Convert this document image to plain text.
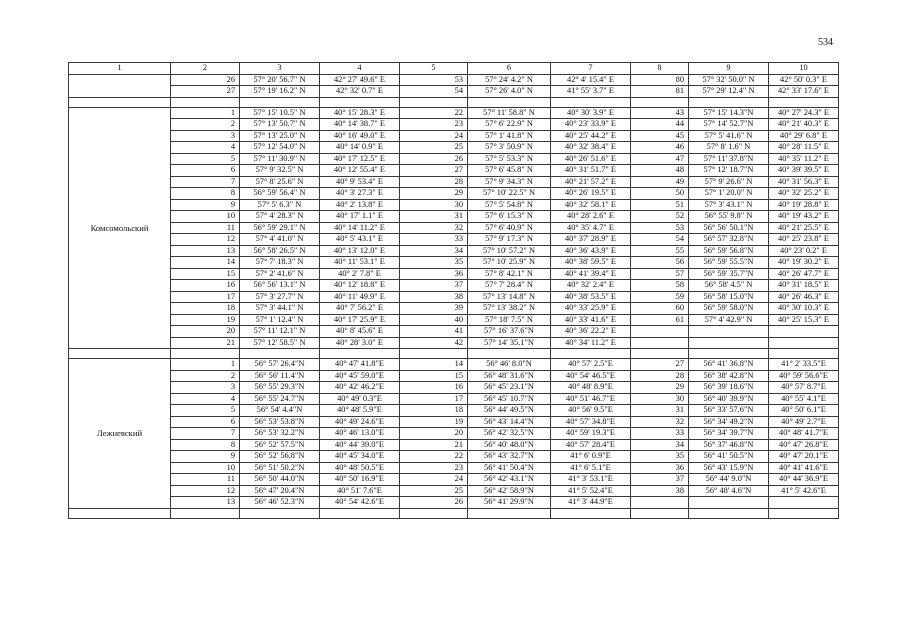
534
1	2	3	4	5	6	7	8	9	10
	26	57° 20' 56.7" N	42° 27' 49.6" E	53	57° 24' 4.2" N	42° 4' 15.4" E	80	57° 32' 50.0" N	42° 50' 0.3" E
	27	57° 19' 16.2" N	42° 32' 0.7" E	54	57° 26' 4.0" N	41° 55' 3.7" E	81	57° 29' 12.4" N	42° 33' 17.6" E

Комсомольский	1	57° 15' 10.5" N	40° 15' 28.3" E	22	57° 11' 58.8" N	40° 30' 3.9" E	43	57° 15' 14.3"N	40° 27' 24.3" E
	2	57° 13' 50.7" N	40° 14' 38.7" E	23	57° 6' 22.9" N	40° 23' 33.9" E	44	57° 14' 52.7"N	40° 21' 40.3" E
	3	57° 13' 25.0" N	40° 16' 49.0" E	24	57° 1' 41.8" N	40° 25' 44.2" E	45	57° 5' 41.6" N	40° 29' 6.8" E
	4	57° 12' 54.0" N	40° 14' 0.9" E	25	57° 3' 50.9" N	40° 32' 38.4" E	46	57° 8' 1.6" N	40° 28' 11.5" E
	5	57° 11' 30.9" N	40° 17' 12.5" E	26	57° 5' 53.3" N	40° 26' 51.6" E	47	57° 11' 37.8"N	40° 35' 11.2" E
	6	57° 9' 32.5" N	40° 12' 55.4" E	27	57° 6' 45.8" N	40° 31' 51.7" E	48	57° 12' 18.7"N	40° 39' 39.5" E
	7	57° 8' 25.6" N	40° 9' 53.4" E	28	57° 9' 34.3" N	40° 21' 57.2" E	49	57° 9' 26.6" N	40° 31' 56.3" E
	8	56° 59' 56.4" N	40° 3' 27.3" E	29	57° 10' 22.5" N	40° 26' 19.5" E	50	57° 1' 20.0" N	40° 32' 25.2" E
	9	57° 5' 6.3" N	40° 2' 13.8" E	30	57° 5' 54.8" N	40° 32' 58.1" E	51	57° 3' 43.1" N	40° 19' 28.8" E
	10	57° 4' 28.3" N	40° 17' 1.1" E	31	57° 6' 15.3" N	40° 28' 2.6" E	52	56° 55' 9.8" N	40° 19' 43.2" E
	11	56° 59' 29.1" N	40° 14' 11.2" E	32	57° 6' 40.9" N	40° 35' 4.7" E	53	56° 56' 50.1"N	40° 21' 25.5" E
	12	57° 4' 41.0" N	40° 5' 43.1" E	33	57° 9' 17.3" N	40° 37' 28.9" E	54	56° 57' 32.8"N	40° 25' 23.8" E
	13	56° 58' 26.5" N	40° 13' 12.0" E	34	57° 10' 57.2" N	40° 36' 43.9" E	55	56° 59' 56.8"N	40° 23' 0.2" E
	14	57° 7' 18.3" N	40° 11' 53.1" E	35	57° 10' 25.9" N	40° 38' 59.5" E	56	56° 59' 55.5"N	40° 19' 30.2" E
	15	57° 2' 41.6" N	40° 2' 7.8" E	36	57° 8' 42.1" N	40° 41' 39.4" E	57	56° 59' 35.7"N	40° 26' 47.7" E
	16	56° 56' 13.1" N	40° 12' 18.8" E	37	57° 7' 28.4" N	40° 32' 2.4" E	58	56° 58' 4.5" N	40° 31' 18.5" E
	17	57° 3' 27.7" N	40° 11' 49.9" E	38	57° 13' 14.8" N	40° 38' 53.5" E	59	56° 58' 15.0"N	40° 26' 46.3" E
	18	57° 3' 44.1" N	40° 7' 56.2" E	39	57° 13' 38.2" N	40° 33' 25.9" E	60	56° 59' 58.0"N	40° 30' 10.3" E
	19	57° 1' 12.4" N	40° 17' 25.9" E	40	57° 18' 7.5" N	40° 33' 41.6" E	61	57° 4' 42.9" N	40° 25' 15.3" E
	20	57° 11' 12.1" N	40° 8' 45.6" E	41	57° 16' 37.6"N	40° 36' 22.2" E			
	21	57° 12' 58.5" N	40° 28' 3.0" E	42	57° 14' 35.1"N	40° 34' 11.2" E			

Лежневский	1	56° 57' 26.4"N	40° 47' 41.8"E	14	56° 46' 8.0"N	40° 57' 2.5"E	27	56° 41' 36.8"N	41° 2' 33.5"E
	2	56° 56' 11.4"N	40° 45' 59.0"E	15	56° 48' 31.6"N	40° 54' 46.5"E	28	56° 38' 42.8"N	40° 59' 56.6"E
	3	56° 55' 29.3"N	40° 42' 46.2"E	16	56° 45' 23.1"N	40° 48' 8.9"E	29	56° 39' 18.6"N	40° 57' 8.7"E
	4	56° 55' 24.7"N	40° 49' 0.3"E	17	56° 45' 10.7"N	40° 51' 46.7"E	30	56° 40' 39.9"N	40° 55' 4.1"E
	5	56° 54' 4.4"N	40° 48' 5.9"E	18	56° 44' 49.5"N	40° 56' 9.5"E	31	56° 33' 57.6"N	40° 50' 6.1"E
	6	56° 53' 53.8"N	40° 49' 24.6"E	19	56° 43' 14.4"N	40° 57' 34.8"E	32	56° 34' 49.2"N	40° 49' 2.7"E
	7	56° 53' 32.2"N	40° 46' 13.0"E	20	56° 42' 32.5"N	40° 59' 19.3"E	33	56° 34' 39.7"N	40° 48' 41.7"E
	8	56° 52' 57.5"N	40° 44' 39.0"E	21	56° 40' 48.0"N	40° 57' 28.4"E	34	56° 37' 46.8"N	40° 47' 26.8"E
	9	56° 52' 56.8"N	40° 45' 34.0"E	22	56° 43' 32.7"N	41° 6' 0.9"E	35	56° 41' 50.5"N	40° 47' 20.1"E
	10	56° 51' 50.2"N	40° 48' 50.5"E	23	56° 41' 50.4"N	41° 6' 5.1"E	36	56° 43' 15.9"N	40° 41' 41.6"E
	11	56° 50' 44.0"N	40° 50' 16.9"E	24	56° 42' 43.1"N	41° 3' 53.1"E	37	56° 44' 9.0"N	40° 44' 36.9"E
	12	56° 47' 20.4"N	40° 51' 7.6"E	25	56° 42' 58.9"N	41° 5' 52.4"E	38	56° 48' 4.6"N	41° 5' 42.6"E
	13	56° 46' 52.3"N	40° 54' 42.6"E	26	56° 41' 29.9"N	41° 3' 44.9"E			
